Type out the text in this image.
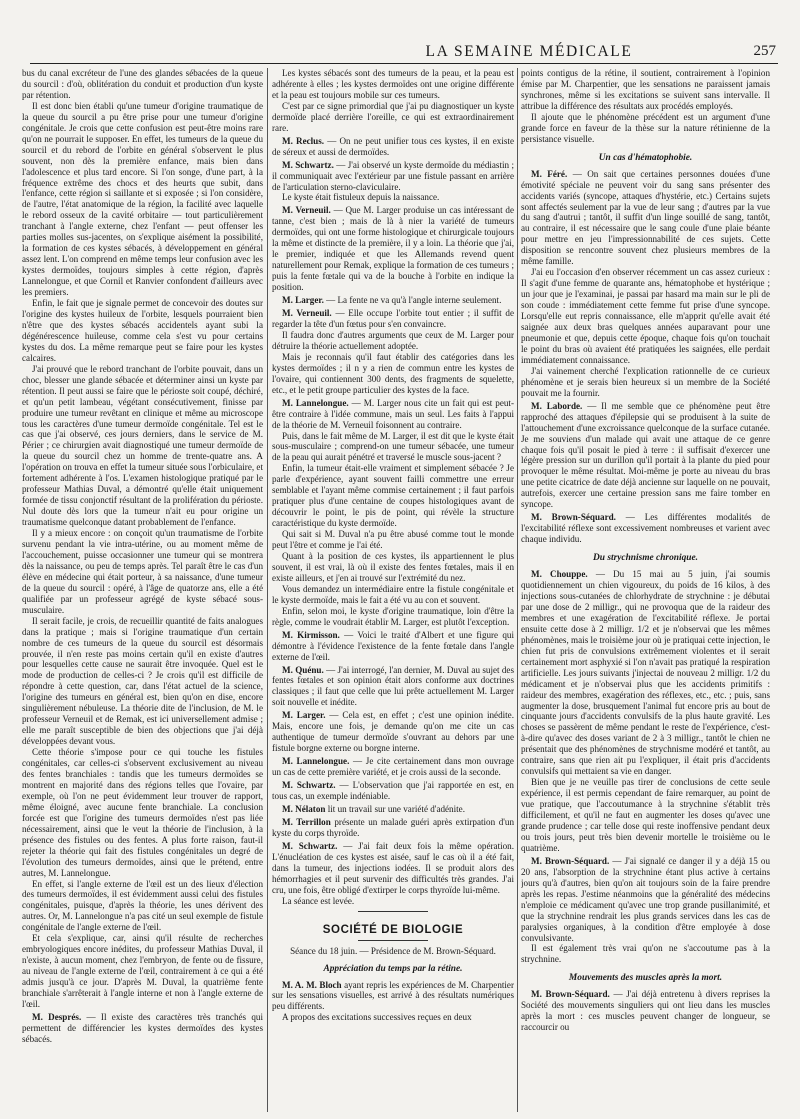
LA SEMAINE MÉDICALE	257

bus du canal excréteur de l'une des glandes sébacées de la queue du sourcil : d'où, oblitération du conduit et production d'un kyste par rétention.

Il est donc bien établi qu'une tumeur d'origine traumatique de la queue du sourcil a pu être prise pour une tumeur d'origine congénitale. Je crois que cette confusion est peut-être moins rare qu'on ne pourrait le supposer. En effet, les tumeurs de la queue du sourcil et du rebord de l'orbite en général s'observent le plus souvent, non dès la première enfance, mais bien dans l'adolescence et plus tard encore. Si l'on songe, d'une part, à la fréquence extrême des chocs et des heurts que subit, dans l'enfance, cette région si saillante et si exposée ; si l'on considère, de l'autre, l'état anatomique de la région, la facilité avec laquelle le rebord osseux de la cavité orbitaire — tout particulièrement tranchant à l'angle externe, chez l'enfant — peut offenser les parties molles sus-jacentes, on s'explique aisément la possibilité, la formation de ces kystes sébacés, à développement en général assez lent. L'on comprend en même temps leur confusion avec les kystes dermoïdes, toujours simples à cette région, d'après Lannelongue, et que Cornil et Ranvier confondent d'ailleurs avec les premiers.

Enfin, le fait que je signale permet de concevoir des doutes sur l'origine des kystes huileux de l'orbite, lesquels pourraient bien n'être que des kystes sébacés accidentels ayant subi la dégénérescence huileuse, comme cela s'est vu pour certains kystes du dos. La même remarque peut se faire pour les kystes calcaires.

J'ai prouvé que le rebord tranchant de l'orbite pouvait, dans un choc, blesser une glande sébacée et déterminer ainsi un kyste par rétention. Il peut aussi se faire que le périoste soit coupé, déchiré, et qu'un petit lambeau, végétant consécutivement, finisse par produire une tumeur revêtant en clinique et même au microscope tous les caractères d'une tumeur dermoïde congénitale. Tel est le cas que j'ai observé, ces jours derniers, dans le service de M. Périer ; ce chirurgien avait diagnostiqué une tumeur dermoïde de la queue du sourcil chez un homme de trente-quatre ans. A l'opération on trouva en effet la tumeur située sous l'orbiculaire, et fortement adhérente à l'os. L'examen histologique pratiqué par le professeur Mathias Duval, a démontré qu'elle était uniquement formée de tissu conjonctif résultant de la prolifération du périoste. Nul doute dès lors que la tumeur n'ait eu pour origine un traumatisme quelconque datant probablement de l'enfance.

Il y a mieux encore : on conçoit qu'un traumatisme de l'orbite survenu pendant la vie intra-utérine, ou au moment même de l'accouchement, puisse occasionner une tumeur qui se montrera dès la naissance, ou peu de temps après. Tel paraît être le cas d'un élève en médecine qui était porteur, à sa naissance, d'une tumeur de la queue du sourcil : opéré, à l'âge de quatorze ans, elle a été qualifiée par un professeur agrégé de kyste sébacé sous-musculaire.

Il serait facile, je crois, de recueillir quantité de faits analogues dans la pratique ; mais si l'origine traumatique d'un certain nombre de ces tumeurs de la queue du sourcil est désormais prouvée, il n'en reste pas moins certain qu'il en existe d'autres pour lesquelles cette cause ne saurait être invoquée. Quel est le mode de production de celles-ci ? Je crois qu'il est difficile de répondre à cette question, car, dans l'état actuel de la science, l'origine des tumeurs en général est, bien qu'on en dise, encore singulièrement nébuleuse. La théorie dite de l'inclusion, de M. le professeur Verneuil et de Remak, est ici universellement admise ; elle me paraît susceptible de bien des objections que j'ai déjà développées devant vous.

Cette théorie s'impose pour ce qui touche les fistules congénitales, car celles-ci s'observent exclusivement au niveau des fentes branchiales : tandis que les tumeurs dermoïdes se montrent en majorité dans des régions telles que l'ovaire, par exemple, où l'on ne peut évidemment leur trouver de rapport, même éloigné, avec aucune fente branchiale. La conclusion forcée est que l'origine des tumeurs dermoïdes n'est pas liée nécessairement, ainsi que le veut la théorie de l'inclusion, à la présence des fistules ou des fentes. A plus forte raison, faut-il rejeter la théorie qui fait des fistules congénitales un degré de l'évolution des tumeurs dermoïdes, ainsi que le prétend, entre autres, M. Lannelongue.

En effet, si l'angle externe de l'œil est un des lieux d'élection des tumeurs dermoïdes, il est évidemment aussi celui des fistules congénitales, puisque, d'après la théorie, les unes dérivent des autres. Or, M. Lannelongue n'a pas cité un seul exemple de fistule congénitale de l'angle externe de l'œil.

Et cela s'explique, car, ainsi qu'il résulte de recherches embryologiques encore inédites, du professeur Mathias Duval, il n'existe, à aucun moment, chez l'embryon, de fente ou de fissure, au niveau de l'angle externe de l'œil, contrairement à ce qui a été admis jusqu'à ce jour. D'après M. Duval, la quatrième fente branchiale s'arrêterait à l'angle interne et non à l'angle externe de l'œil.

M. Després. — Il existe des caractères très tranchés qui permettent de différencier les kystes dermoïdes des kystes sébacés.

Les kystes sébacés sont des tumeurs de la peau, et la peau est adhérente à elles ; les kystes dermoïdes ont une origine différente et la peau est toujours mobile sur ces tumeurs.

C'est par ce signe primordial que j'ai pu diagnostiquer un kyste dermoïde placé derrière l'oreille, ce qui est extraordinairement rare.

M. Reclus. — On ne peut unifier tous ces kystes, il en existe de séreux et aussi de dermoïdes.

M. Schwartz. — J'ai observé un kyste dermoïde du médiastin ; il communiquait avec l'extérieur par une fistule passant en arrière de l'articulation sterno-claviculaire.

Le kyste était fistuleux depuis la naissance.

M. Verneuil. — Que M. Larger produise un cas intéressant de tanne, c'est bien ; mais de là à nier la variété de tumeurs dermoïdes, qui ont une forme histologique et chirurgicale toujours la même et distincte de la première, il y a loin. La théorie que j'ai, le premier, indiquée et que les Allemands revend quent naturellement pour Remak, explique la formation de ces tumeurs ; puis la fente fœtale qui va de la bouche à l'orbite en indique la position.

M. Larger. — La fente ne va qu'à l'angle interne seulement.

M. Verneuil. — Elle occupe l'orbite tout entier ; il suffit de regarder la tête d'un fœtus pour s'en convaincre.

Il faudra donc d'autres arguments que ceux de M. Larger pour détruire la théorie actuellement adoptée.

Mais je reconnais qu'il faut établir des catégories dans les kystes dermoïdes ; il n y a rien de commun entre les kystes de l'ovaire, qui contiennent 300 dents, des fragments de squelette, etc., et le petit groupe particulier des kystes de la face.

M. Lannelongue. — M. Larger nous cite un fait qui est peut-être contraire à l'idée commune, mais un seul. Les faits à l'appui de la théorie de M. Verneuil foisonnent au contraire.

Puis, dans le fait même de M. Larger, il est dit que le kyste était sous-musculaire ; comprend-on une tumeur sébacée, une tumeur de la peau qui aurait pénétré et traversé le muscle sous-jacent ?

Enfin, la tumeur était-elle vraiment et simplement sébacée ? Je parle d'expérience, ayant souvent failli commettre une erreur semblable et l'ayant même commise certainement ; il faut parfois pratiquer plus d'une centaine de coupes histologiques avant de découvrir le point, le pis de point, qui révèle la structure caractéristique du kyste dermoïde.

Qui sait si M. Duval n'a pu être abusé comme tout le monde peut l'être et comme je l'ai été.

Quant à la position de ces kystes, ils appartiennent le plus souvent, il est vrai, là où il existe des fentes fœtales, mais il en existe ailleurs, et j'en ai trouvé sur l'extrémité du nez.

Vous demandez un intermédiaire entre la fistule congénitale et le kyste dermoïde, mais le fait a été vu au con et souvent.

Enfin, selon moi, le kyste d'origine traumatique, loin d'être la règle, comme le voudrait établir M. Larger, est plutôt l'exception.

M. Kirmisson. — Voici le traité d'Albert et une figure qui démontre à l'évidence l'existence de la fente fœtale dans l'angle externe de l'œil.

M. Quénu. — J'ai interrogé, l'an dernier, M. Duval au sujet des fentes fœtales et son opinion était alors conforme aux doctrines classiques ; il faut que celle que lui prête actuellement M. Larger soit nouvelle et inédite.

M. Larger. — Cela est, en effet ; c'est une opinion inédite. Mais, encore une fois, je demande qu'on me cite un cas authentique de tumeur dermoïde s'ouvrant au dehors par une fistule borgne externe ou borgne interne.

M. Lannelongue. — Je cite certainement dans mon ouvrage un cas de cette première variété, et je crois aussi de la seconde.

M. Schwartz. — L'observation que j'ai rapportée en est, en tous cas, un exemple indéniable.

M. Nélaton lit un travail sur une variété d'adénite.

M. Terrillon présente un malade guéri après extirpation d'un kyste du corps thyroïde.

M. Schwartz. — J'ai fait deux fois la même opération. L'énucléation de ces kystes est aisée, sauf le cas où il a été fait, dans la tumeur, des injections iodées. Il se produit alors des hémorrhagies et il peut survenir des difficultés très grandes. J'ai cru, une fois, être obligé d'extirper le corps thyroïde lui-même.

La séance est levée.

SOCIÉTÉ DE BIOLOGIE
Séance du 18 juin. — Présidence de M. Brown-Séquard.
Appréciation du temps par la rétine.

M. A. M. Bloch ayant repris les expériences de M. Charpentier sur les sensations visuelles, est arrivé à des résultats numériques peu différents.

A propos des excitations successives reçues en deux

points contigus de la rétine, il soutient, contrairement à l'opinion émise par M. Charpentier, que les sensations ne paraissent jamais synchrones, même si les excitations se suivent sans intervalle. Il attribue la différence des résultats aux procédés employés.

Il ajoute que le phénomène précédent est un argument d'une grande force en faveur de la thèse sur la nature rétinienne de la persistance visuelle.

Un cas d'hématophobie.

M. Féré. — On sait que certaines personnes douées d'une émotivité spéciale ne peuvent voir du sang sans présenter des accidents variés (syncope, attaques d'hystérie, etc.) Certains sujets sont affectés seulement par la vue de leur sang ; d'autres par la vue du sang d'autrui ; tantôt, il suffit d'un linge souillé de sang, tantôt, au contraire, il est nécessaire que le sang coule d'une plaie béante pour mettre en jeu l'impressionnabilité de ces sujets. Cette disposition se rencontre souvent chez plusieurs membres de la même famille.

J'ai eu l'occasion d'en observer récemment un cas assez curieux : Il s'agit d'une femme de quarante ans, hématophobe et hystérique ; un jour que je l'examinai, je passai par hasard ma main sur le pli de son coude : immédiatement cette femme fut prise d'une syncope. Lorsqu'elle eut repris connaissance, elle m'apprit qu'elle avait été saignée aux deux bras quelques années auparavant pour une pneumonie et que, depuis cette époque, chaque fois qu'on touchait le point du bras où avaient été pratiquées les saignées, elle perdait immédiatement connaissance.

J'ai vainement cherché l'explication rationnelle de ce curieux phénomène et je serais bien heureux si un membre de la Société pouvait me la fournir.

M. Laborde. — Il me semble que ce phénomène peut être rapproché des attaques d'épilepsie qui se produisent à la suite de l'attouchement d'une excroissance quelconque de la surface cutanée. Je me souviens d'un malade qui avait une attaque de ce genre chaque fois qu'il posait le pied à terre : il suffisait d'exercer une légère pression sur un durillon qu'il portait à la plante du pied pour provoquer le même résultat. Moi-même je porte au niveau du bras une petite cicatrice de date déjà ancienne sur laquelle on ne pouvait, autrefois, exercer une certaine pression sans me faire tomber en syncope.

M. Brown-Séquard. — Les différentes modalités de l'excitabilité réflexe sont excessivement nombreuses et varient avec chaque individu.

Du strychnisme chronique.

M. Chouppe. — Du 15 mai au 5 juin, j'ai soumis quotidiennement un chien vigoureux, du poids de 16 kilos, à des injections sous-cutanées de chlorhydrate de strychnine : je débutai par une dose de 2 milligr., qui ne provoqua que de la raideur des membres et une exagération de l'excitabilité réflexe. Je portai ensuite cette dose à 2 milligr. 1/2 et je n'observai que les mêmes phénomènes, mais le troisième jour où je pratiquai cette injection, le chien fut pris de convulsions extrêmement violentes et il serait certainement mort asphyxié si l'on n'avait pas pratiqué la respiration artificielle. Les jours suivants j'injectai de nouveau 2 milligr. 1/2 du médicament et je n'observai plus que les accidents primitifs : raideur des membres, exagération des réflexes, etc., etc. ; puis, sans augmenter la dose, brusquement l'animal fut encore pris au bout de cinquante jours d'accidents convulsifs de la plus haute gravité. Les choses se passèrent de même pendant le reste de l'expérience, c'est-à-dire qu'avec des doses variant de 2 à 3 milligr., tantôt le chien ne présentait que des phénomènes de strychnisme modéré et tantôt, au contraire, sans que rien ait pu l'expliquer, il était pris d'accidents convulsifs qui mettaient sa vie en danger.

Bien que je ne veuille pas tirer de conclusions de cette seule expérience, il est permis cependant de faire remarquer, au point de vue pratique, que l'accoutumance à la strychnine s'établit très difficilement, et qu'il ne faut en augmenter les doses qu'avec une grande prudence ; car telle dose qui reste inoffensive pendant deux ou trois jours, peut très bien devenir mortelle le troisième ou le quatrième.

M. Brown-Séquard. — J'ai signalé ce danger il y a déjà 15 ou 20 ans, l'absorption de la strychnine étant plus active à certains jours qu'à d'autres, bien qu'on ait toujours soin de la faire prendre après les repas. J'estime néanmoins que la généralité des médecins n'emploie ce médicament qu'avec une trop grande pusillanimité, et que la strychnine rendrait les plus grands services dans les cas de paralysies organiques, à la condition d'être employée à dose convulsivante.

Il est également très vrai qu'on ne s'accoutume pas à la strychnine.

Mouvements des muscles après la mort.

M. Brown-Séquard. — J'ai déjà entretenu à divers reprises la Société des mouvements singuliers qui ont lieu dans les muscles après la mort : ces muscles peuvent changer de longueur, se raccourcir ou
